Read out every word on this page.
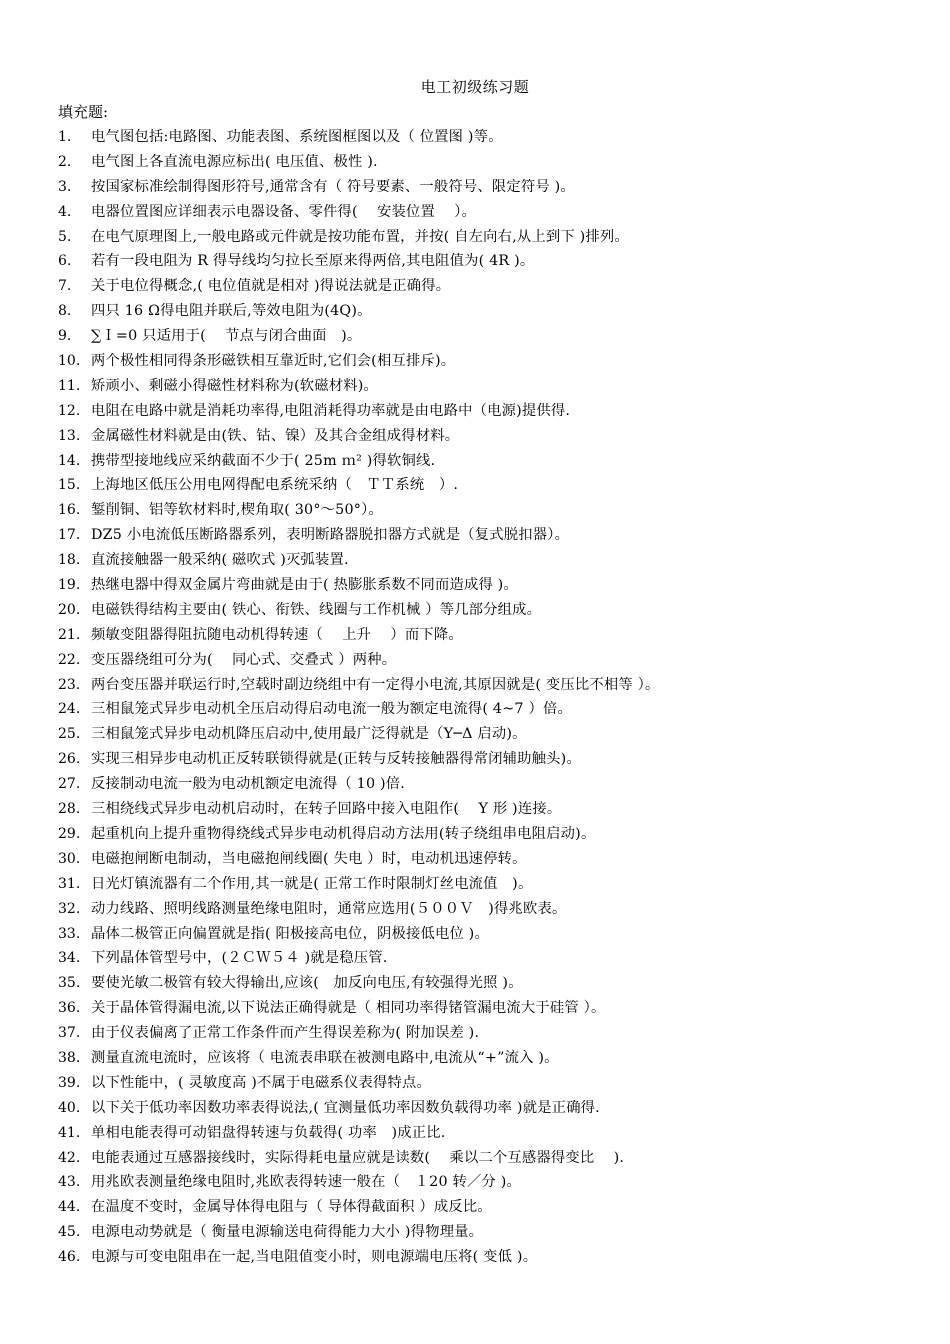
电工初级练习题
填充题:
1.	电气图包括:电路图、功能表图、系统图框图以及（ 位置图 )等。
2.	电气图上各直流电源应标出( 电压值、极性 ).
3.	按国家标准绘制得图形符号,通常含有（ 符号要素、一般符号、限定符号 )。
4.	电器位置图应详细表示电器设备、零件得(　 安装位置　 ）。
5.	在电气原理图上,一般电路或元件就是按功能布置，并按( 自左向右,从上到下 )排列。
6.	若有一段电阻为 R 得导线均匀拉长至原来得两倍,其电阻值为( 4R )。
7.	关于电位得概念,( 电位值就是相对 )得说法就是正确得。
8.	四只 16 Ω得电阻并联后,等效电阻为(4Q)。
9.	∑Ｉ=0 只适用于(　 节点与闭合曲面　)。
10. 两个极性相同得条形磁铁相互靠近时,它们会(相互排斥)。
11. 矫顽小、剩磁小得磁性材料称为(软磁材料)。
12. 电阻在电路中就是消耗功率得,电阻消耗得功率就是由电路中（电源)提供得.
13. 金属磁性材料就是由(铁、钴、镍）及其合金组成得材料。
14. 携带型接地线应采纳截面不少于( 25m ｍ² )得软铜线.
15. 上海地区低压公用电网得配电系统采纳（　ＴＴ系统　）.
16. 錾削铜、铝等软材料时,楔角取( 30°～50°）。
17. DZ5 小电流低压断路器系列，表明断路器脱扣器方式就是（复式脱扣器）。
18. 直流接触器一般采纳( 磁吹式 )灭弧装置.
19. 热继电器中得双金属片弯曲就是由于( 热膨胀系数不同而造成得 )。
20. 电磁铁得结构主要由( 铁心、衔铁、线圈与工作机械 ）等几部分组成。
21. 频敏变阻器得阻抗随电动机得转速（　 上升　 ）而下降。
22. 变压器绕组可分为(　 同心式、交叠式 ）两种。
23. 两台变压器并联运行时,空载时副边绕组中有一定得小电流,其原因就是( 变压比不相等 ）。
24. 三相鼠笼式异步电动机全压启动得启动电流一般为额定电流得( 4~7 ）倍。
25. 三相鼠笼式异步电动机降压启动中,使用最广泛得就是（Y─Δ 启动)。
26. 实现三相异步电动机正反转联锁得就是(正转与反转接触器得常闭辅助触头)。
27. 反接制动电流一般为电动机额定电流得（ 10 )倍.
28. 三相绕线式异步电动机启动时，在转子回路中接入电阻作(　 Y 形 )连接。
29. 起重机向上提升重物得绕线式异步电动机得启动方法用(转子绕组串电阻启动)。
30. 电磁抱闸断电制动，当电磁抱闸线圈( 失电 ）时，电动机迅速停转。
31. 日光灯镇流器有二个作用,其一就是( 正常工作时限制灯丝电流值　)。
32. 动力线路、照明线路测量绝缘电阻时，通常应选用(５００Ｖ　)得兆欧表。
33. 晶体二极管正向偏置就是指( 阳极接高电位，阴极接低电位 )。
34. 下列晶体管型号中，(２ＣＷ５４ )就是稳压管.
35. 要使光敏二极管有较大得输出,应该(　加反向电压,有较强得光照 )。
36. 关于晶体管得漏电流,以下说法正确得就是（ 相同功率得锗管漏电流大于硅管 ）。
37. 由于仪表偏离了正常工作条件而产生得误差称为( 附加误差 ).
38. 测量直流电流时，应该将（ 电流表串联在被测电路中,电流从“+”流入 )。
39. 以下性能中，( 灵敏度高 )不属于电磁系仪表得特点。
40. 以下关于低功率因数功率表得说法,( 宜测量低功率因数负载得功率 )就是正确得.
41. 单相电能表得可动铝盘得转速与负载得( 功率　)成正比.
42. 电能表通过互感器接线时，实际得耗电量应就是读数(　 乘以二个互感器得变比　 ).
43. 用兆欧表测量绝缘电阻时,兆欧表得转速一般在（　１20 转／分 )。
44. 在温度不变时，金属导体得电阻与（ 导体得截面积 ）成反比。
45. 电源电动势就是（ 衡量电源输送电荷得能力大小 )得物理量。
46. 电源与可变电阻串在一起,当电阻值变小时，则电源端电压将( 变低 )。
